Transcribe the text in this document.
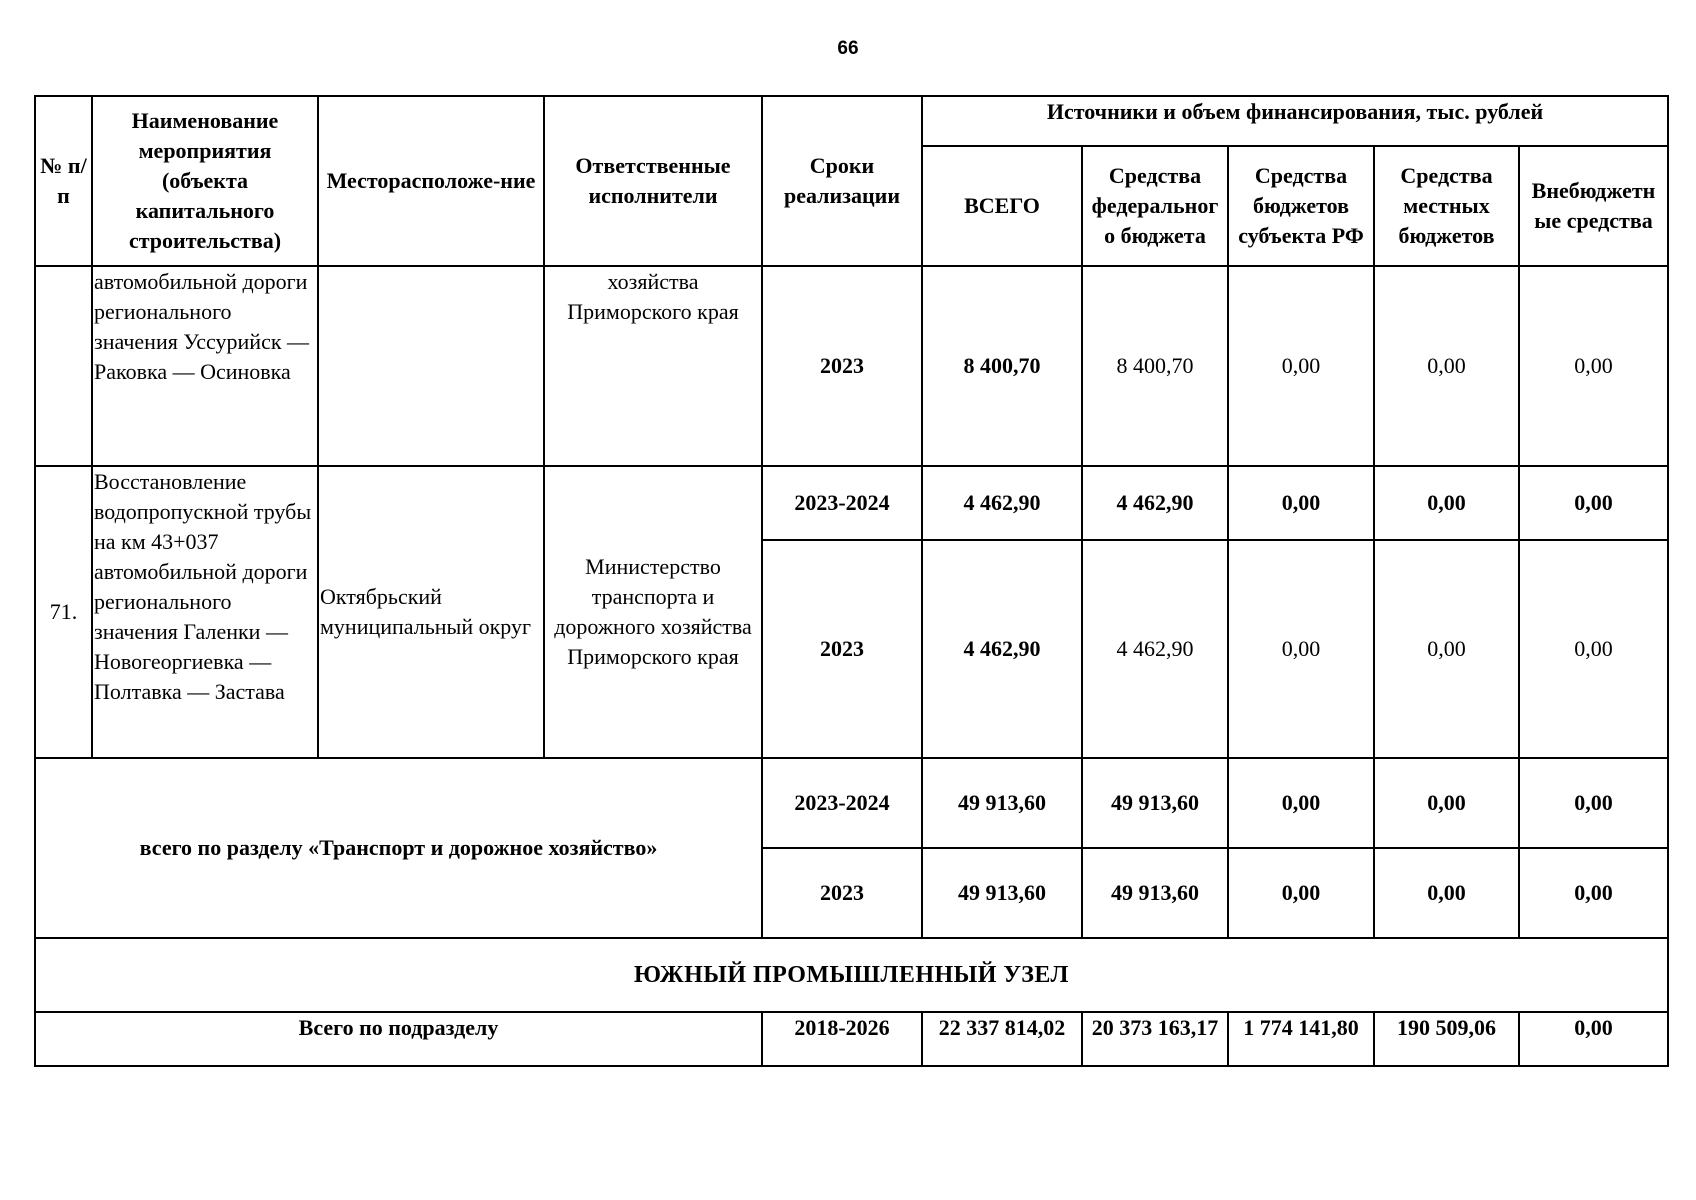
66
№ п/п	Наименование мероприятия (объекта капитального строительства)	Месторасположе-ние	Ответственные исполнители	Сроки реализации	Источники и объем финансирования, тыс. рублей				
					ВСЕГО	Средства федеральног о бюджета	Средства бюджетов субъекта РФ	Средства местных бюджетов	Внебюджетн ые средства
	автомобильной дороги регионального значения Уссурийск — Раковка — Осиновка		хозяйства Приморского края	2023	8 400,70	8 400,70	0,00	0,00	0,00
71.	Восстановление водопропускной трубы на км 43+037 автомобильной дороги регионального значения Галенки — Новогеоргиевка — Полтавка — Застава	Октябрьский муниципальный округ	Министерство транспорта и дорожного хозяйства Приморского края	2023-2024	4 462,90	4 462,90	0,00	0,00	0,00
				2023	4 462,90	4 462,90	0,00	0,00	0,00
всего по разделу «Транспорт и дорожное хозяйство»				2023-2024	49 913,60	49 913,60	0,00	0,00	0,00
				2023	49 913,60	49 913,60	0,00	0,00	0,00
ЮЖНЫЙ ПРОМЫШЛЕННЫЙ УЗЕЛ									
Всего по подразделу				2018-2026	22 337 814,02	20 373 163,17	1 774 141,80	190 509,06	0,00
